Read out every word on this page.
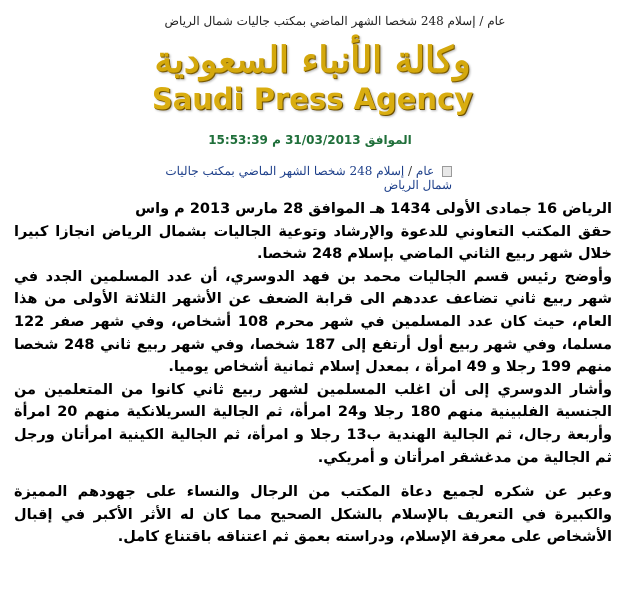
عام / إسلام 248 شخصا الشهر الماضي بمكتب جاليات شمال الرياض
وكالة الأنباء السعودية
Saudi Press Agency
الموافق 31/03/2013 م 15:53:39
عام / إسلام 248 شخصا الشهر الماضي بمكتب جاليات شمال الرياض

الرياض 16 جمادى الأولى 1434 هـ الموافق 28 مارس 2013 م واس

حقق المكتب التعاوني للدعوة والإرشاد وتوعية الجاليات بشمال الرياض انجازا كبيرا خلال شهر ربيع الثاني الماضي بإسلام 248 شخصا.

وأوضح رئيس قسم الجاليات محمد بن فهد الدوسري، أن عدد المسلمين الجدد في شهر ربيع ثاني تضاعف عددهم الى قرابة الضعف عن الأشهر الثلاثة الأولى من هذا العام، حيث كان عدد المسلمين في شهر محرم 108 أشخاص، وفي شهر صفر 122 مسلما، وفي شهر ربيع أول أرتفع إلى 187 شخصا، وفي شهر ربيع ثاني 248 شخصا منهم 199 رجلا و 49 امرأة ، بمعدل إسلام ثمانية أشخاص يوميا.

وأشار الدوسري إلى أن اغلب المسلمين لشهر ربيع ثاني كانوا من المتعلمين من الجنسية الفلبينية منهم 180 رجلا و24 امرأة، ثم الجالية السريلانكية منهم 20 امرأة وأربعة رجال، ثم الجالية الهندية ب13 رجلا و امرأة، ثم الجالية الكينية امرأتان ورجل ثم الجالية من مدغشقر امرأتان و أمريكي.

وعبر عن شكره لجميع دعاة المكتب من الرجال والنساء على جهودهم المميزة والكبيرة في التعريف بالإسلام بالشكل الصحيح مما كان له الأثر الأكبر في إقبال الأشخاص على معرفة الإسلام، ودراسته بعمق ثم اعتناقه باقتناع كامل.
